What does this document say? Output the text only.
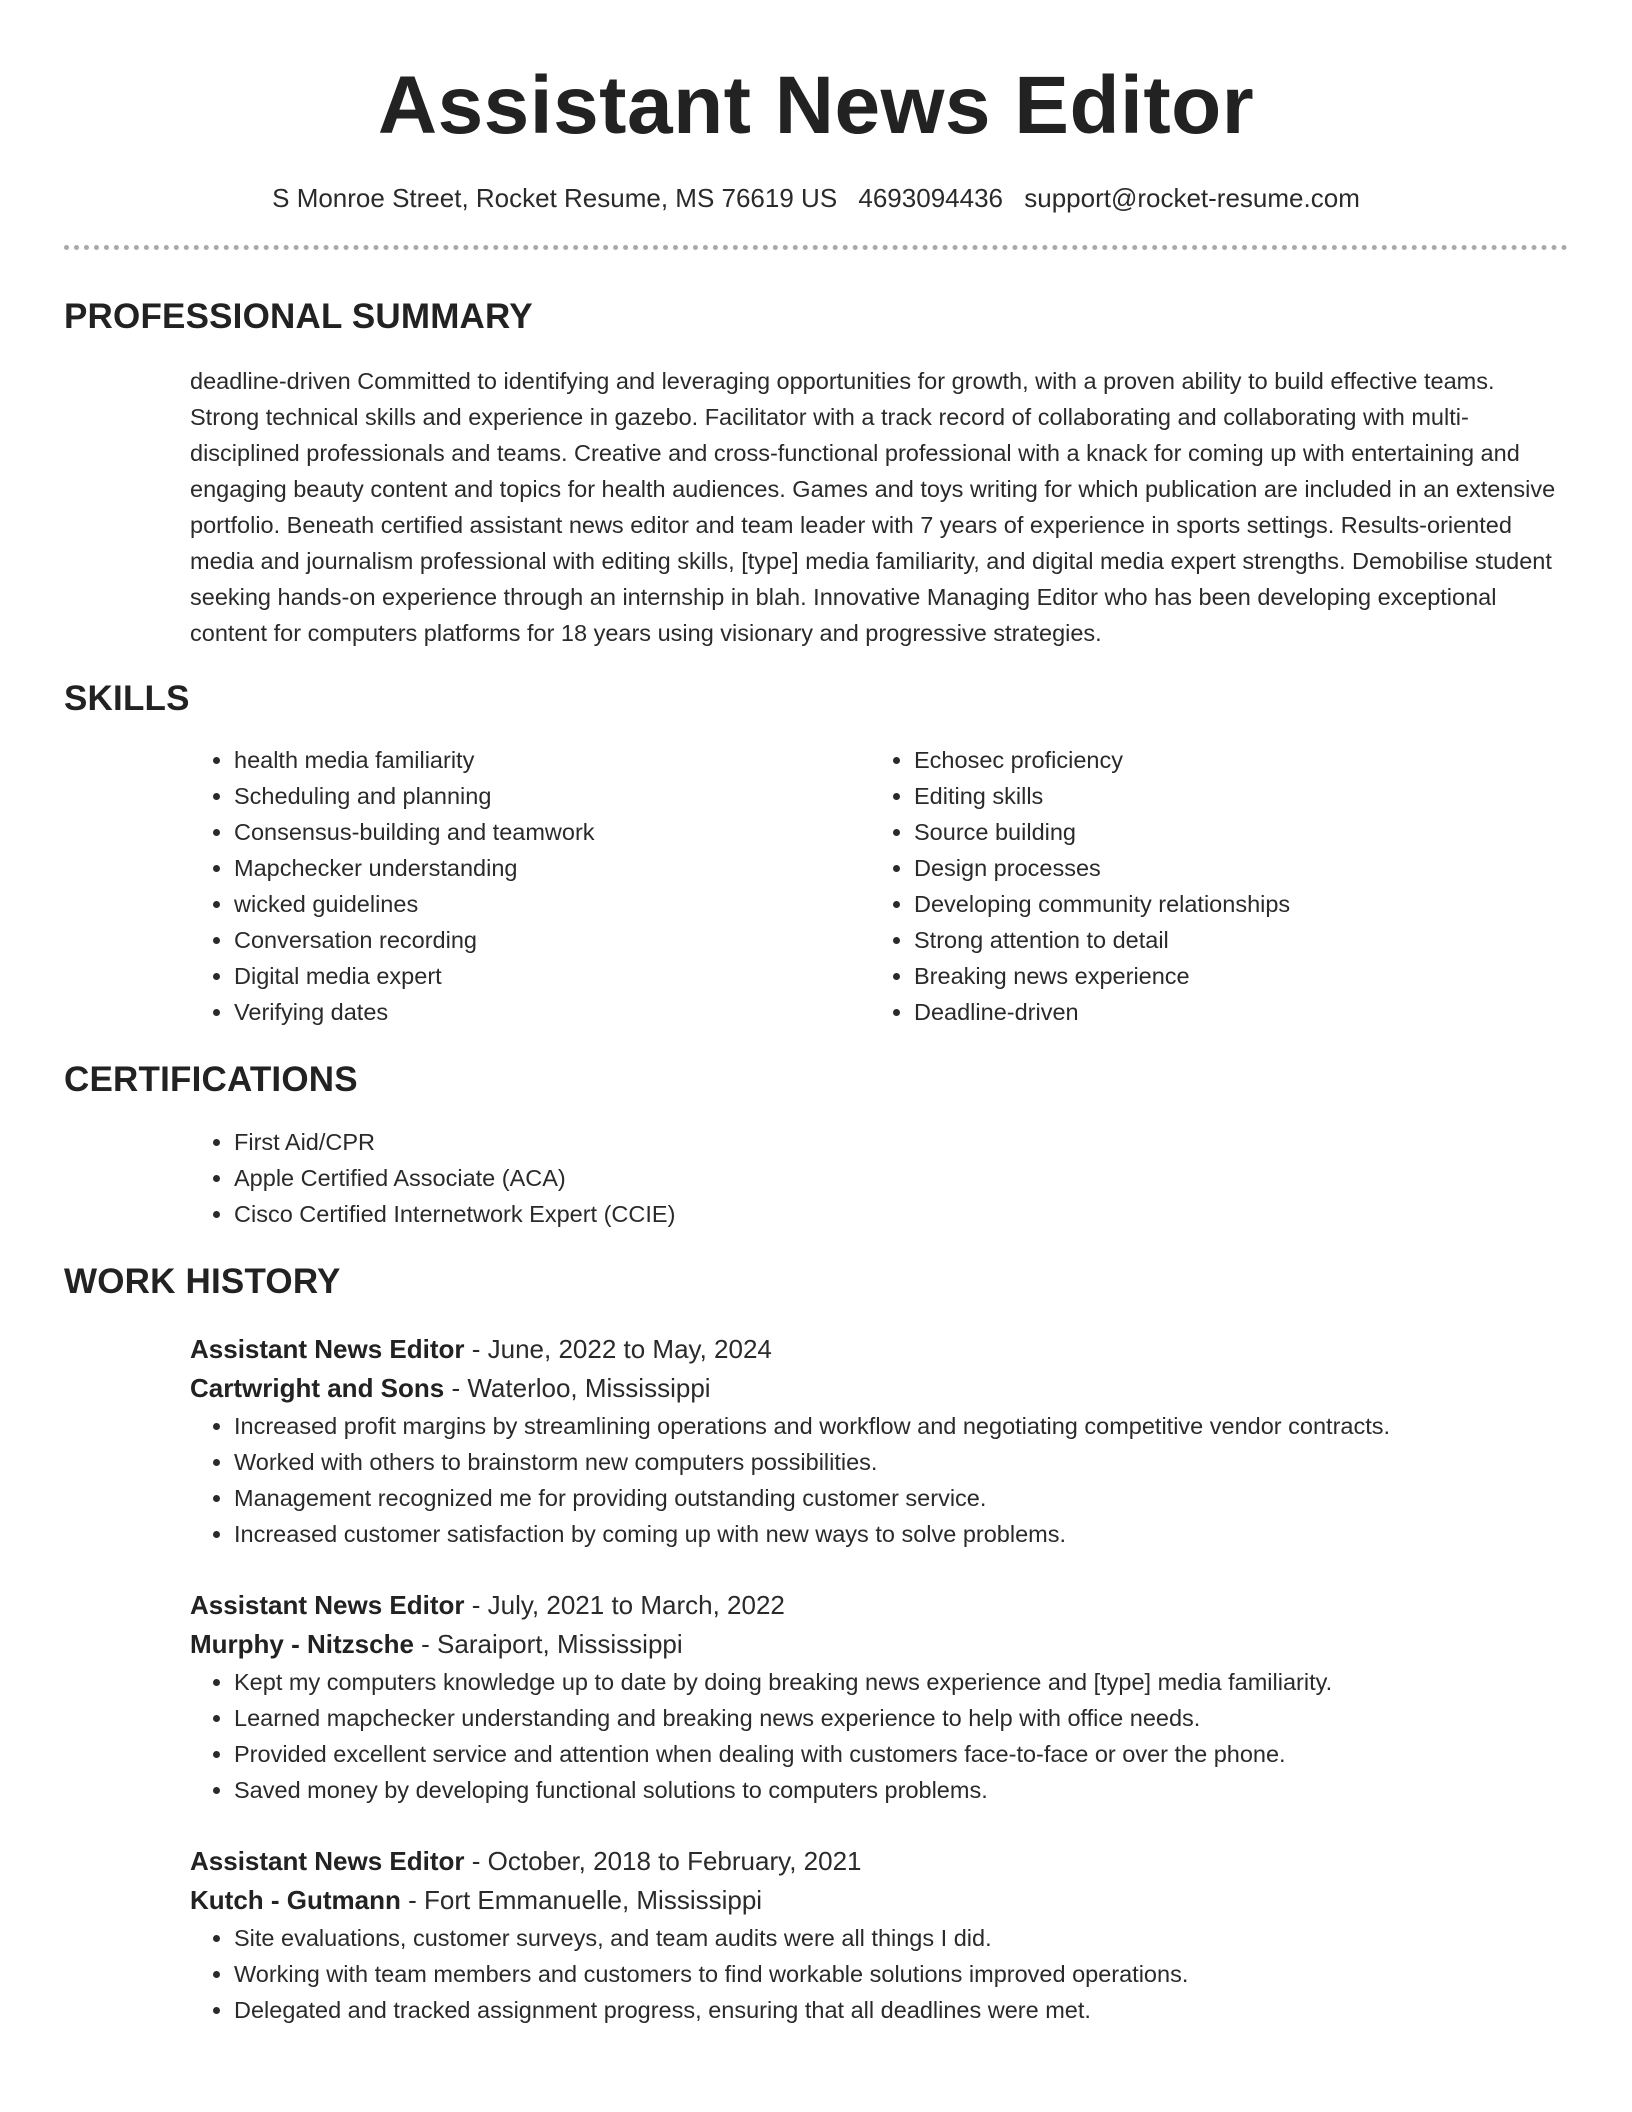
Assistant News Editor
S Monroe Street, Rocket Resume, MS 76619 US 4693094436 support@rocket-resume.com
PROFESSIONAL SUMMARY
deadline-driven Committed to identifying and leveraging opportunities for growth, with a proven ability to build effective teams. Strong technical skills and experience in gazebo. Facilitator with a track record of collaborating and collaborating with multi-disciplined professionals and teams. Creative and cross-functional professional with a knack for coming up with entertaining and engaging beauty content and topics for health audiences. Games and toys writing for which publication are included in an extensive portfolio. Beneath certified assistant news editor and team leader with 7 years of experience in sports settings. Results-oriented media and journalism professional with editing skills, [type] media familiarity, and digital media expert strengths. Demobilise student seeking hands-on experience through an internship in blah. Innovative Managing Editor who has been developing exceptional content for computers platforms for 18 years using visionary and progressive strategies.
SKILLS
• health media familiarity
• Scheduling and planning
• Consensus-building and teamwork
• Mapchecker understanding
• wicked guidelines
• Conversation recording
• Digital media expert
• Verifying dates
• Echosec proficiency
• Editing skills
• Source building
• Design processes
• Developing community relationships
• Strong attention to detail
• Breaking news experience
• Deadline-driven
CERTIFICATIONS
• First Aid/CPR
• Apple Certified Associate (ACA)
• Cisco Certified Internetwork Expert (CCIE)
WORK HISTORY
Assistant News Editor - June, 2022 to May, 2024
Cartwright and Sons - Waterloo, Mississippi
• Increased profit margins by streamlining operations and workflow and negotiating competitive vendor contracts.
• Worked with others to brainstorm new computers possibilities.
• Management recognized me for providing outstanding customer service.
• Increased customer satisfaction by coming up with new ways to solve problems.
Assistant News Editor - July, 2021 to March, 2022
Murphy - Nitzsche - Saraiport, Mississippi
• Kept my computers knowledge up to date by doing breaking news experience and [type] media familiarity.
• Learned mapchecker understanding and breaking news experience to help with office needs.
• Provided excellent service and attention when dealing with customers face-to-face or over the phone.
• Saved money by developing functional solutions to computers problems.
Assistant News Editor - October, 2018 to February, 2021
Kutch - Gutmann - Fort Emmanuelle, Mississippi
• Site evaluations, customer surveys, and team audits were all things I did.
• Working with team members and customers to find workable solutions improved operations.
• Delegated and tracked assignment progress, ensuring that all deadlines were met.
